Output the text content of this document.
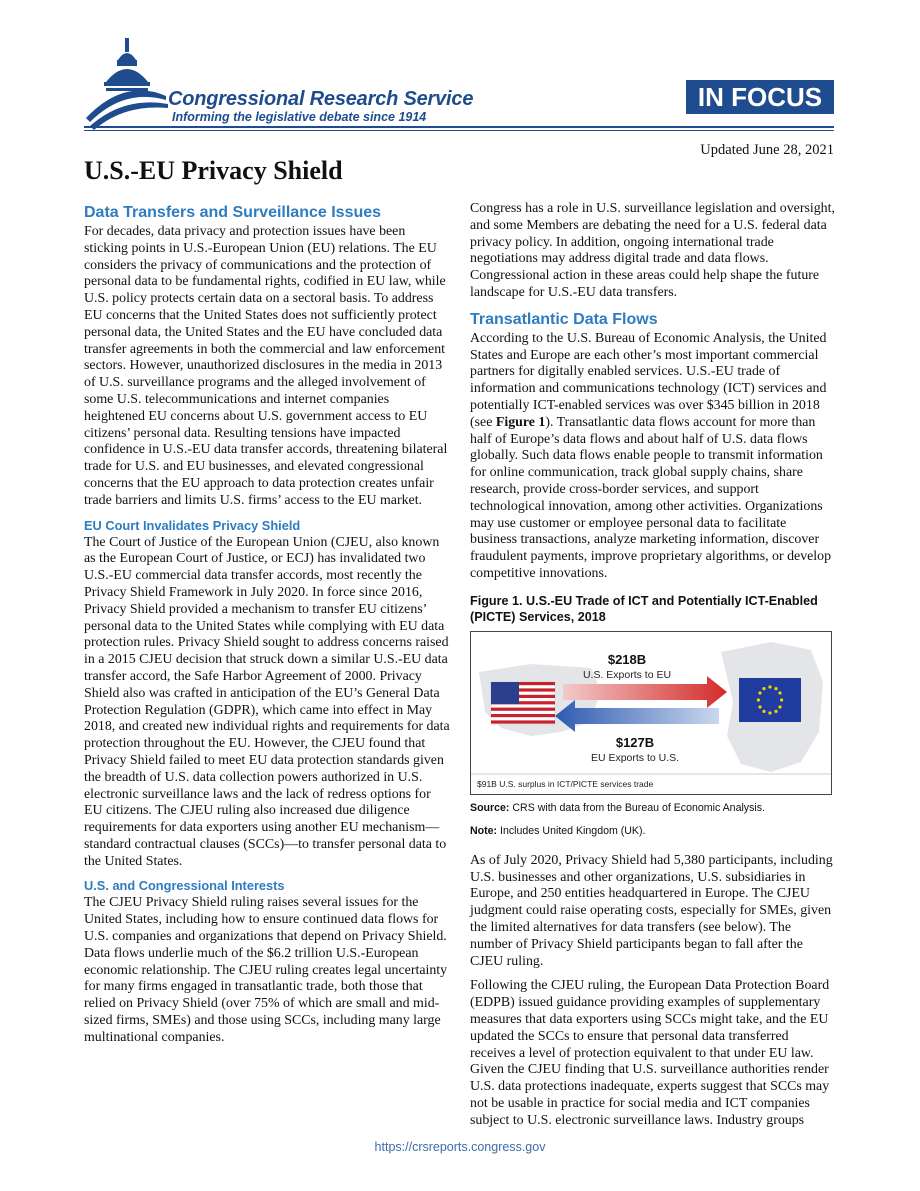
Congressional Research Service
Informing the legislative debate since 1914
IN FOCUS
Updated June 28, 2021
U.S.-EU Privacy Shield
Data Transfers and Surveillance Issues

For decades, data privacy and protection issues have been sticking points in U.S.-European Union (EU) relations. The EU considers the privacy of communications and the protection of personal data to be fundamental rights, codified in EU law, while U.S. policy protects certain data on a sectoral basis. To address EU concerns that the United States does not sufficiently protect personal data, the United States and the EU have concluded data transfer agreements in both the commercial and law enforcement sectors. However, unauthorized disclosures in the media in 2013 of U.S. surveillance programs and the alleged involvement of some U.S. telecommunications and internet companies heightened EU concerns about U.S. government access to EU citizens’ personal data. Resulting tensions have impacted confidence in U.S.-EU data transfer accords, threatening bilateral trade for U.S. and EU businesses, and elevated congressional concerns that the EU approach to data protection creates unfair trade barriers and limits U.S. firms’ access to the EU market.

EU Court Invalidates Privacy Shield

The Court of Justice of the European Union (CJEU, also known as the European Court of Justice, or ECJ) has invalidated two U.S.-EU commercial data transfer accords, most recently the Privacy Shield Framework in July 2020. In force since 2016, Privacy Shield provided a mechanism to transfer EU citizens’ personal data to the United States while complying with EU data protection rules. Privacy Shield sought to address concerns raised in a 2015 CJEU decision that struck down a similar U.S.-EU data transfer accord, the Safe Harbor Agreement of 2000. Privacy Shield also was crafted in anticipation of the EU’s General Data Protection Regulation (GDPR), which came into effect in May 2018, and created new individual rights and requirements for data protection throughout the EU. However, the CJEU found that Privacy Shield failed to meet EU data protection standards given the breadth of U.S. data collection powers authorized in U.S. electronic surveillance laws and the lack of redress options for EU citizens. The CJEU ruling also increased due diligence requirements for data exporters using another EU mechanism—standard contractual clauses (SCCs)—to transfer personal data to the United States.

U.S. and Congressional Interests

The CJEU Privacy Shield ruling raises several issues for the United States, including how to ensure continued data flows for U.S. companies and organizations that depend on Privacy Shield. Data flows underlie much of the $6.2 trillion U.S.-European economic relationship. The CJEU ruling creates legal uncertainty for many firms engaged in transatlantic trade, both those that relied on Privacy Shield (over 75% of which are small and mid-sized firms, SMEs) and those using SCCs, including many large multinational companies.

Congress has a role in U.S. surveillance legislation and oversight, and some Members are debating the need for a U.S. federal data privacy policy. In addition, ongoing international trade negotiations may address digital trade and data flows. Congressional action in these areas could help shape the future landscape for U.S.-EU data transfers.

Transatlantic Data Flows

According to the U.S. Bureau of Economic Analysis, the United States and Europe are each other’s most important commercial partners for digitally enabled services. U.S.-EU trade of information and communications technology (ICT) services and potentially ICT-enabled services was over $345 billion in 2018 (see Figure 1). Transatlantic data flows account for more than half of Europe’s data flows and about half of U.S. data flows globally. Such data flows enable people to transmit information for online communication, track global supply chains, share research, provide cross-border services, and support technological innovation, among other activities. Organizations may use customer or employee personal data to facilitate business transactions, analyze marketing information, discover fraudulent payments, improve proprietary algorithms, or develop competitive innovations.

Figure 1. U.S.-EU Trade of ICT and Potentially ICT-Enabled (PICTE) Services, 2018
$218B
U.S. Exports to EU
$127B
EU Exports to U.S.
$91B U.S. surplus in ICT/PICTE services trade

Source: CRS with data from the Bureau of Economic Analysis.

Note: Includes United Kingdom (UK).

As of July 2020, Privacy Shield had 5,380 participants, including U.S. businesses and other organizations, U.S. subsidiaries in Europe, and 250 entities headquartered in Europe. The CJEU judgment could raise operating costs, especially for SMEs, given the limited alternatives for data transfers (see below). The number of Privacy Shield participants began to fall after the CJEU ruling.

Following the CJEU ruling, the European Data Protection Board (EDPB) issued guidance providing examples of supplementary measures that data exporters using SCCs might take, and the EU updated the SCCs to ensure that personal data transferred receives a level of protection equivalent to that under EU law. Given the CJEU finding that U.S. surveillance authorities render U.S. data protections inadequate, experts suggest that SCCs may not be usable in practice for social media and ICT companies subject to U.S. electronic surveillance laws. Industry groups

https://crsreports.congress.gov
